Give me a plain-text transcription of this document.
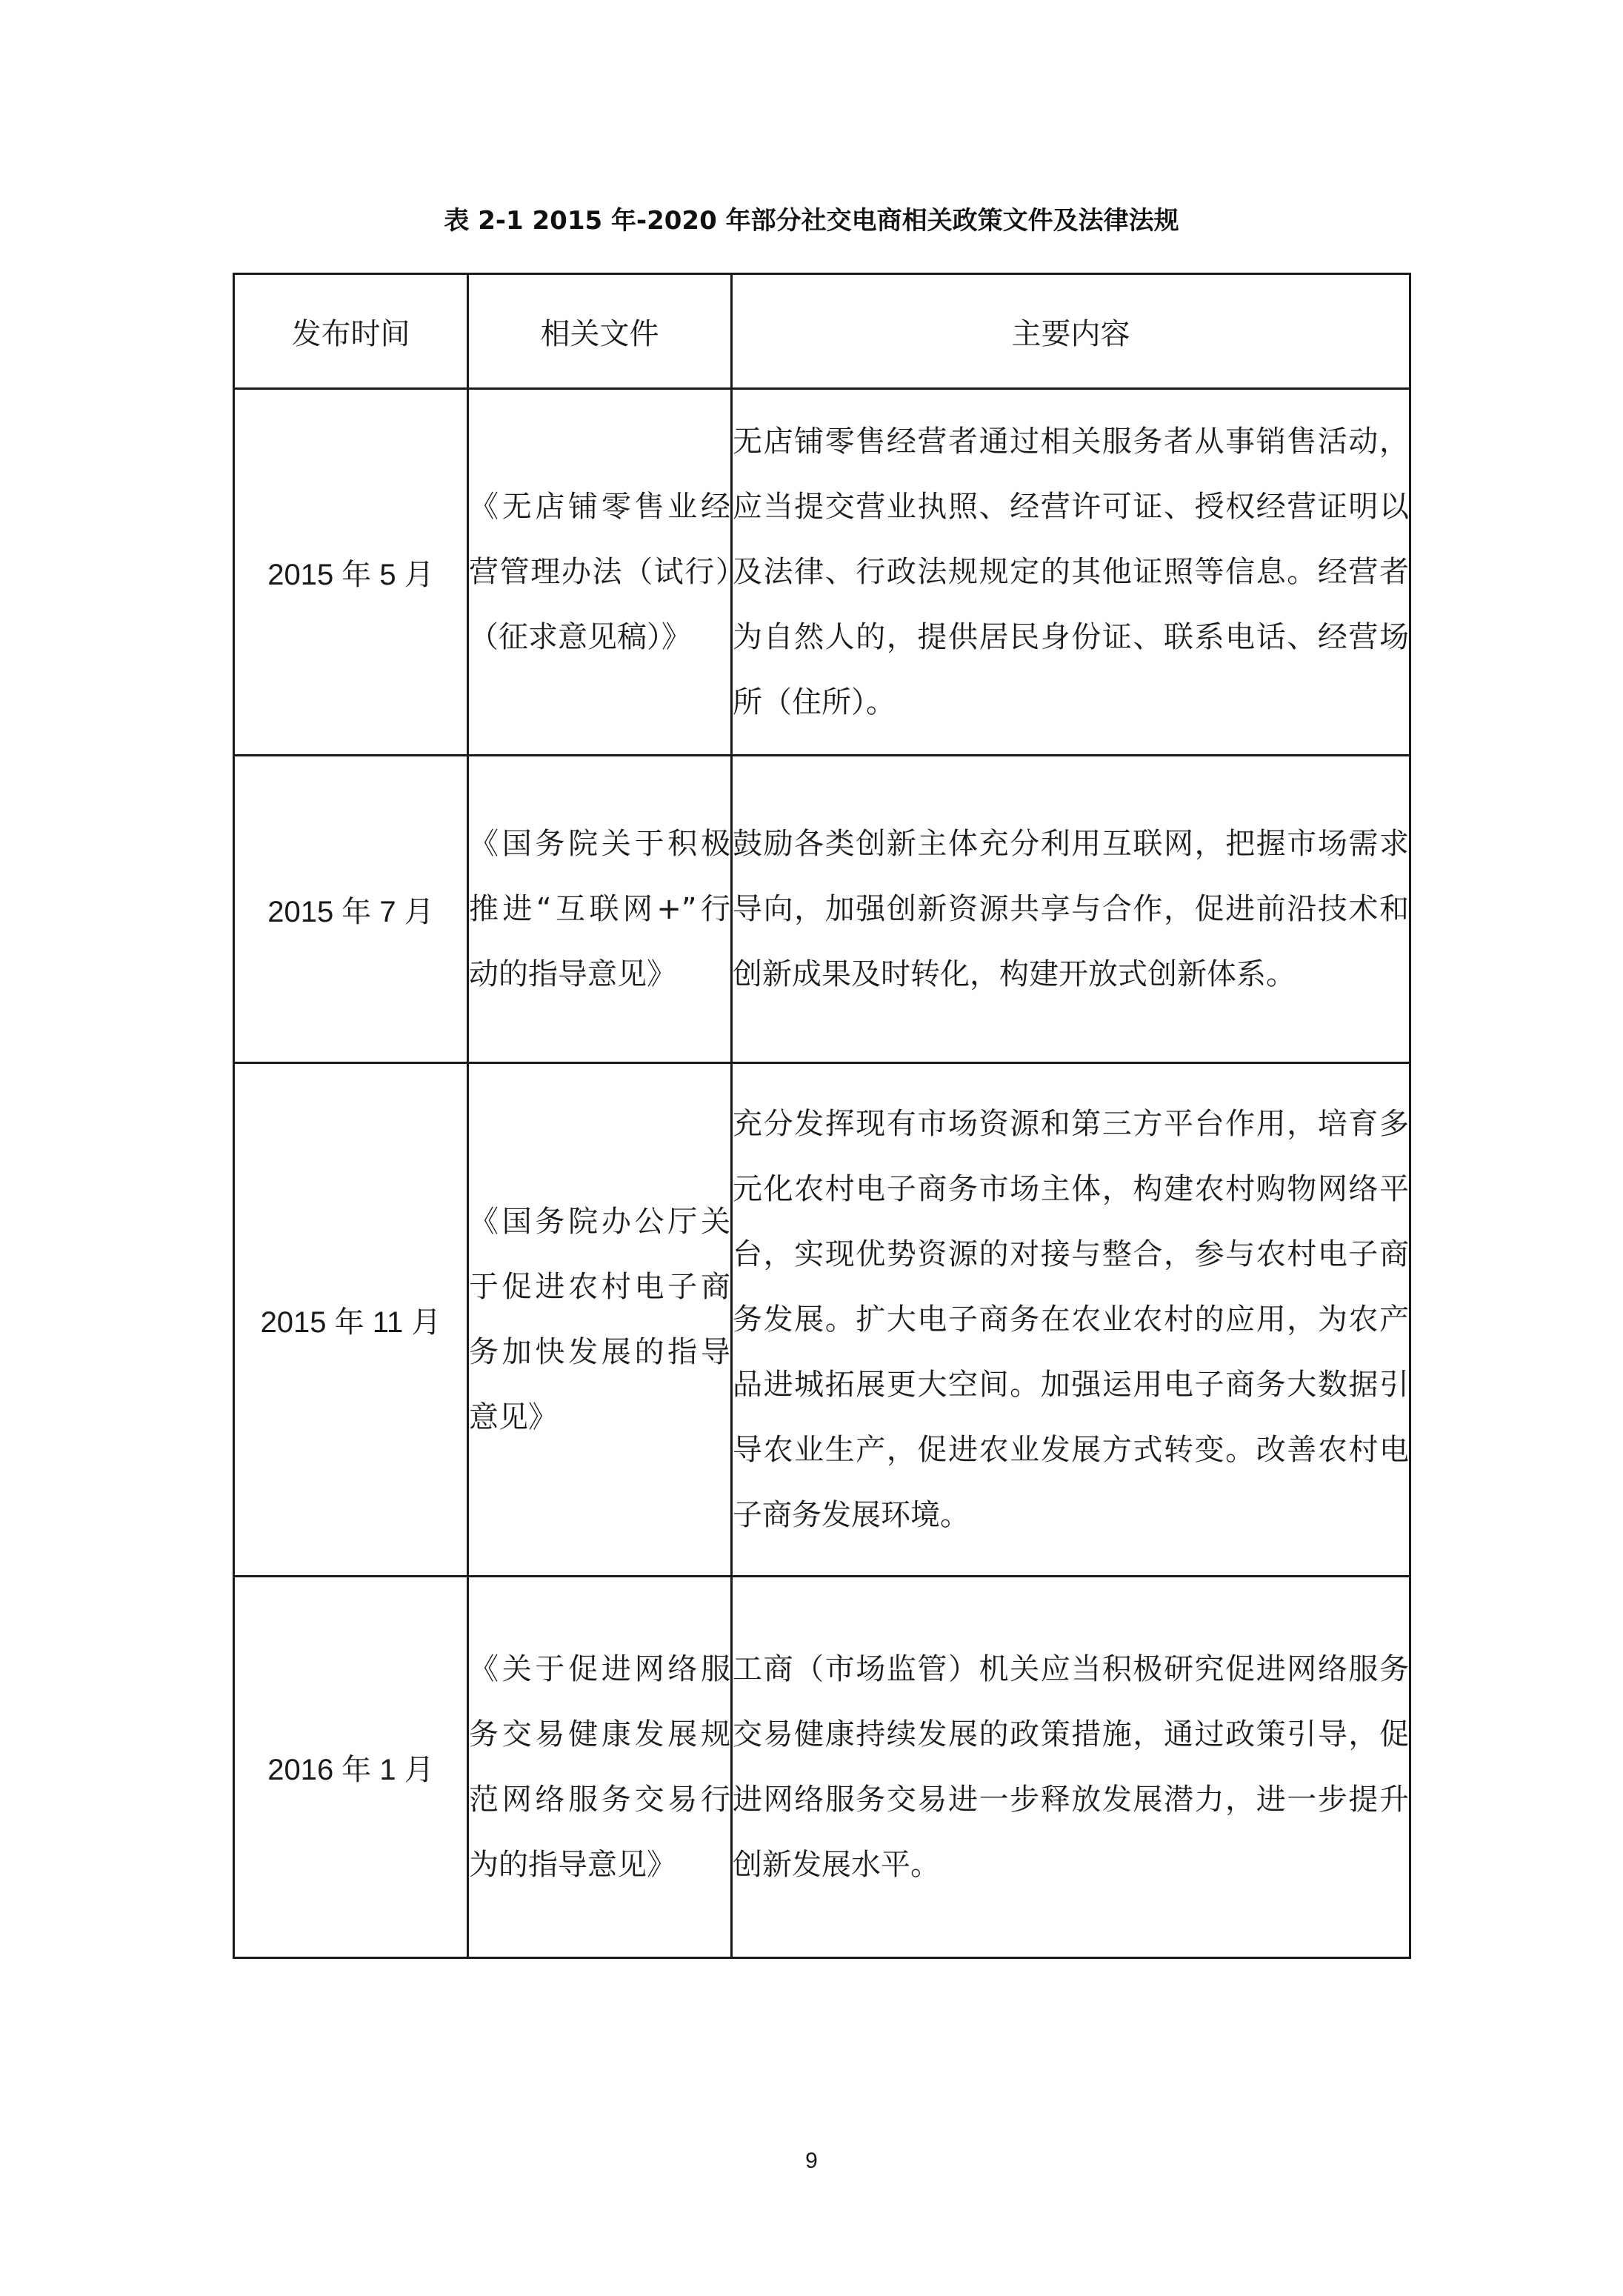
表 2-1 2015 年-2020 年部分社交电商相关政策文件及法律法规
发布时间	相关文件	主要内容
2015 年 5 月	《无店铺零售业经营管理办法（试行）（征求意见稿）》	无店铺零售经营者通过相关服务者从事销售活动，应当提交营业执照、经营许可证、授权经营证明以及法律、行政法规规定的其他证照等信息。经营者为自然人的，提供居民身份证、联系电话、经营场所（住所）。
2015 年 7 月	《国务院关于积极推进“互联网+”行动的指导意见》	鼓励各类创新主体充分利用互联网，把握市场需求导向，加强创新资源共享与合作，促进前沿技术和创新成果及时转化，构建开放式创新体系。
2015 年 11 月	《国务院办公厅关于促进农村电子商务加快发展的指导意见》	充分发挥现有市场资源和第三方平台作用，培育多元化农村电子商务市场主体，构建农村购物网络平台，实现优势资源的对接与整合，参与农村电子商务发展。扩大电子商务在农业农村的应用，为农产品进城拓展更大空间。加强运用电子商务大数据引导农业生产，促进农业发展方式转变。改善农村电子商务发展环境。
2016 年 1 月	《关于促进网络服务交易健康发展规范网络服务交易行为的指导意见》	工商（市场监管）机关应当积极研究促进网络服务交易健康持续发展的政策措施，通过政策引导，促进网络服务交易进一步释放发展潜力，进一步提升创新发展水平。
9
